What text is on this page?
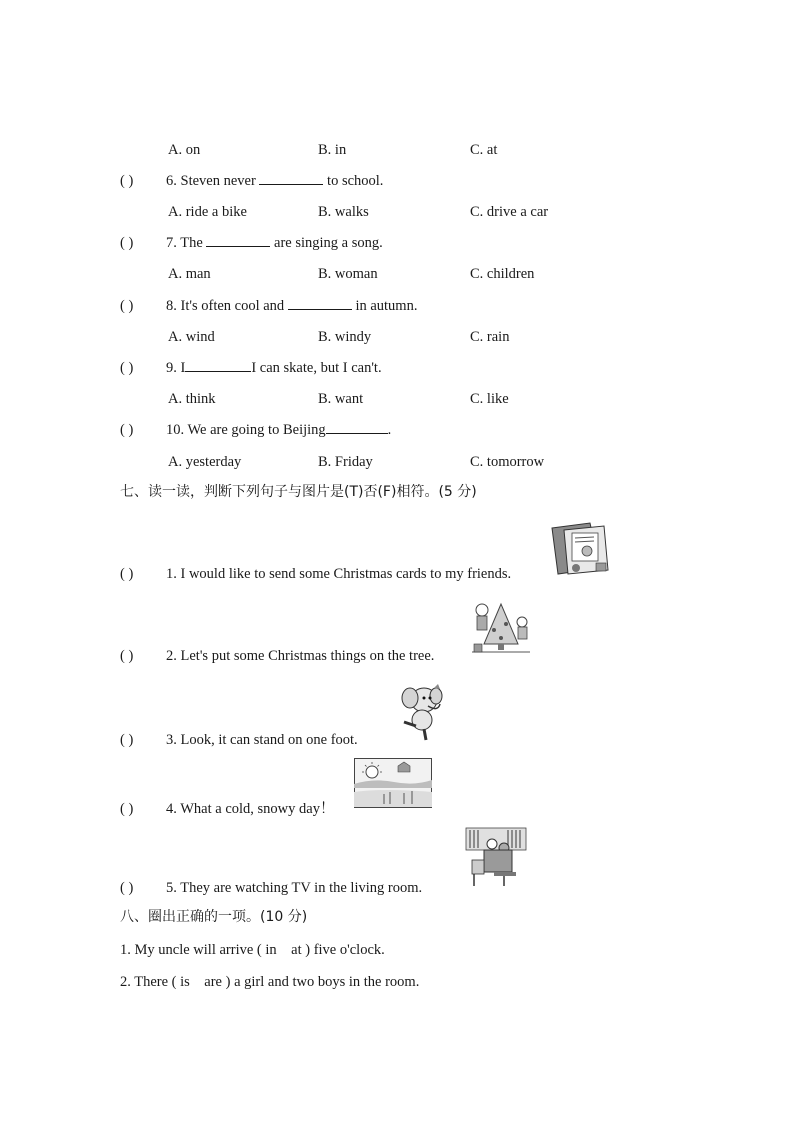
A. on	B. in	C. at
( ) 6. Steven never	to school.
A. ride a bike	B. walks	C. drive a car
( ) 7. The	are singing a song.
A. man	B. woman	C. children
( ) 8. It's often cool and	in autumn.
A. wind	B. windy	C. rain
( ) 9. I	I can skate, but I can't.
A. think	B. want	C. like
( ) 10. We are going to Beijing	.
A. yesterday	B. Friday	C. tomorrow
七、读一读，判断下列句子与图片是(T)否(F)相符。(5 分)
( ) 1. I would like to send some Christmas cards to my friends.
( ) 2. Let's put some Christmas things on the tree.
( ) 3. Look, it can stand on one foot.
( ) 4. What a cold, snowy day！
( ) 5. They are watching TV in the living room.
八、圈出正确的一项。(10 分)
1. My uncle will arrive ( in at ) five o'clock.
2. There ( is are ) a girl and two boys in the room.
